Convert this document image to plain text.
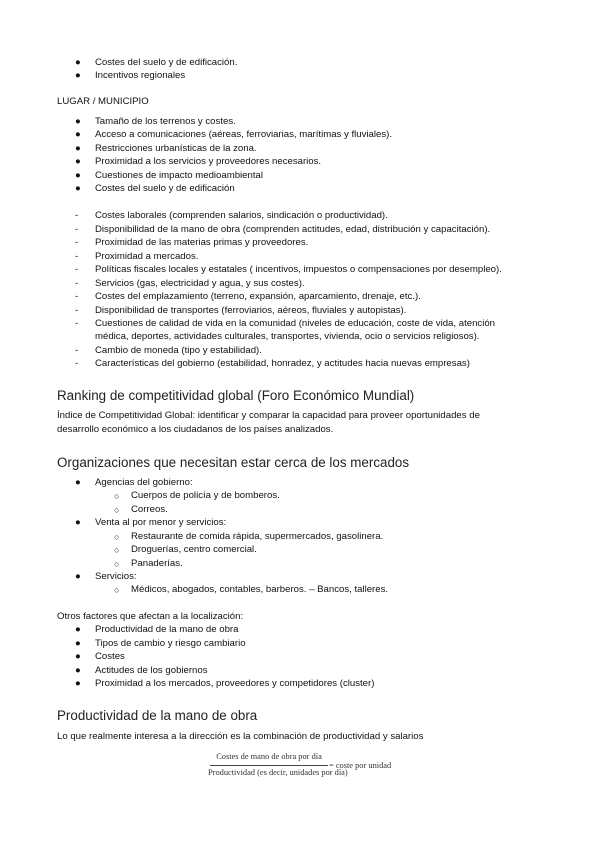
● Costes del suelo y de edificación.
● Incentivos regionales
LUGAR / MUNICIPIO
● Tamaño de los terrenos y costes.
● Acceso a comunicaciones (aéreas, ferroviarias, marítimas y fluviales).
● Restricciones urbanísticas de la zona.
● Proximidad a los servicios y proveedores necesarios.
● Cuestiones de impacto medioambiental
● Costes del suelo y de edificación
- Costes laborales (comprenden salarios, sindicación o productividad).
- Disponibilidad de la mano de obra (comprenden actitudes, edad, distribución y capacitación).
- Proximidad de las materias primas y proveedores.
- Proximidad a mercados.
- Políticas fiscales locales y estatales ( incentivos, impuestos o compensaciones por desempleo).
- Servicios (gas, electricidad y agua, y sus costes).
- Costes del emplazamiento (terreno, expansión, aparcamiento, drenaje, etc.).
- Disponibilidad de transportes (ferroviarios, aéreos, fluviales y autopistas).
- Cuestiones de calidad de vida en la comunidad (niveles de educación, coste de vida, atención
médica, deportes, actividades culturales, transportes, vivienda, ocio o servicios religiosos).
- Cambio de moneda (tipo y estabilidad).
- Características del gobierno (estabilidad, honradez, y actitudes hacia nuevas empresas)
Ranking de competitividad global (Foro Económico Mundial)
Índice de Competitividad Global: identificar y comparar la capacidad para proveer oportunidades de
desarrollo económico a los ciudadanos de los países analizados.
Organizaciones que necesitan estar cerca de los mercados
● Agencias del gobierno:
○ Cuerpos de policía y de bomberos.
○ Correos.
● Venta al por menor y servicios:
○ Restaurante de comida rápida, supermercados, gasolinera.
○ Droguerías, centro comercial.
○ Panaderías.
● Servicios:
○ Médicos, abogados, contables, barberos. – Bancos, talleres.
Otros factores que afectan a la localización:
● Productividad de la mano de obra
● Tipos de cambio y riesgo cambiario
● Costes
● Actitudes de los gobiernos
● Proximidad a los mercados, proveedores y competidores (cluster)
Productividad de la mano de obra
Lo que realmente interesa a la dirección es la combinación de productividad y salarios
Costes de mano de obra por día
Productividad (es decir, unidades por día)
= coste por unidad
